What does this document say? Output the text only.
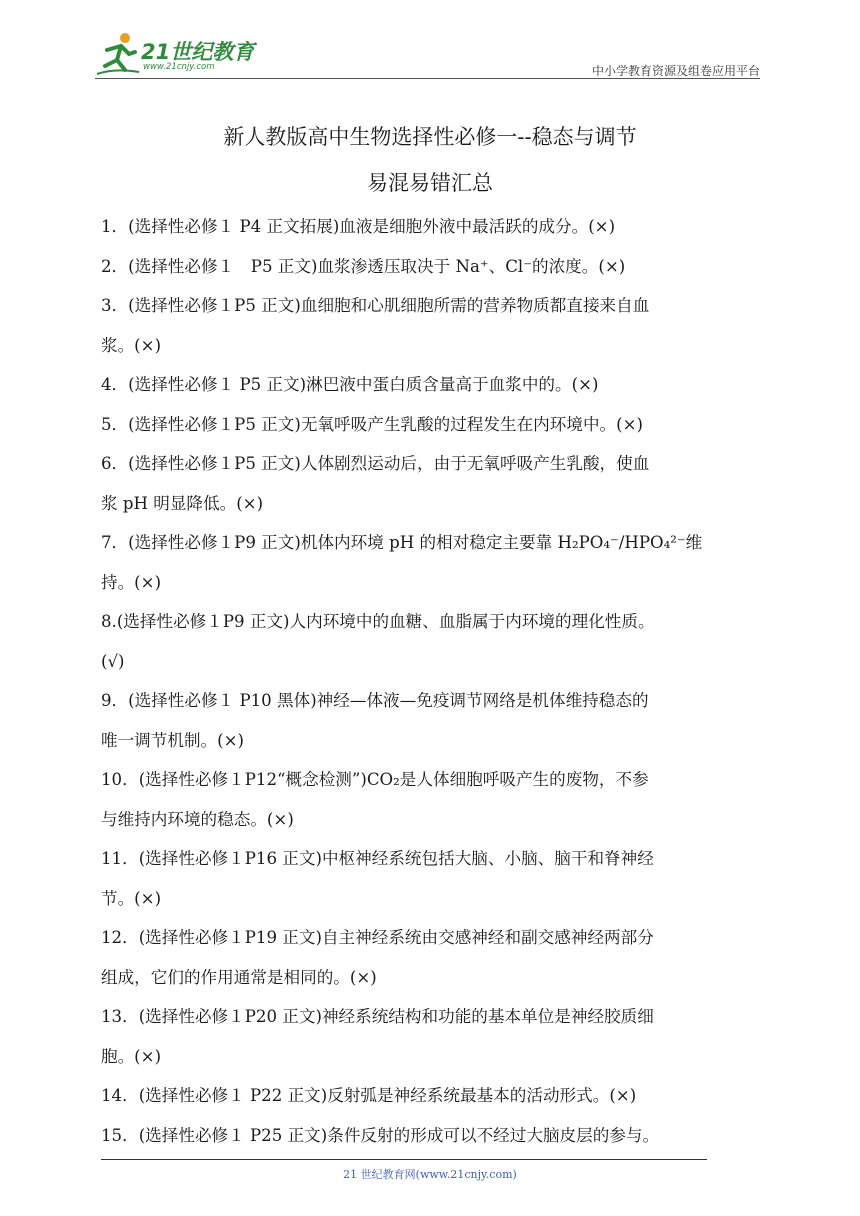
21世纪教育
www.21cnjy.com	中小学教育资源及组卷应用平台
新人教版高中生物选择性必修一--稳态与调节
易混易错汇总
1．(选择性必修１ P4 正文拓展)血液是细胞外液中最活跃的成分。(×)
2．(选择性必修１　P5 正文)血浆渗透压取决于 Na⁺、Cl⁻的浓度。(×)
3．(选择性必修１P5 正文)血细胞和心肌细胞所需的营养物质都直接来自血
浆。(×)
4．(选择性必修１ P5 正文)淋巴液中蛋白质含量高于血浆中的。(×)
5．(选择性必修１P5 正文)无氧呼吸产生乳酸的过程发生在内环境中。(×)
6．(选择性必修１P5 正文)人体剧烈运动后，由于无氧呼吸产生乳酸，使血
浆 pH 明显降低。(×)
7．(选择性必修１P9 正文)机体内环境 pH 的相对稳定主要靠 H₂PO₄⁻/HPO₄²⁻维
持。(×)
8.(选择性必修１P9 正文)人内环境中的血糖、血脂属于内环境的理化性质。
(√)
9．(选择性必修１ P10 黑体)神经—体液—免疫调节网络是机体维持稳态的
唯一调节机制。(×)
10．(选择性必修１P12“概念检测”)CO₂是人体细胞呼吸产生的废物，不参
与维持内环境的稳态。(×)
11．(选择性必修１P16 正文)中枢神经系统包括大脑、小脑、脑干和脊神经
节。(×)
12．(选择性必修１P19 正文)自主神经系统由交感神经和副交感神经两部分
组成，它们的作用通常是相同的。(×)
13．(选择性必修１P20 正文)神经系统结构和功能的基本单位是神经胶质细
胞。(×)
14．(选择性必修１ P22 正文)反射弧是神经系统最基本的活动形式。(×)
15．(选择性必修１ P25 正文)条件反射的形成可以不经过大脑皮层的参与。
21 世纪教育网(www.21cnjy.com)
